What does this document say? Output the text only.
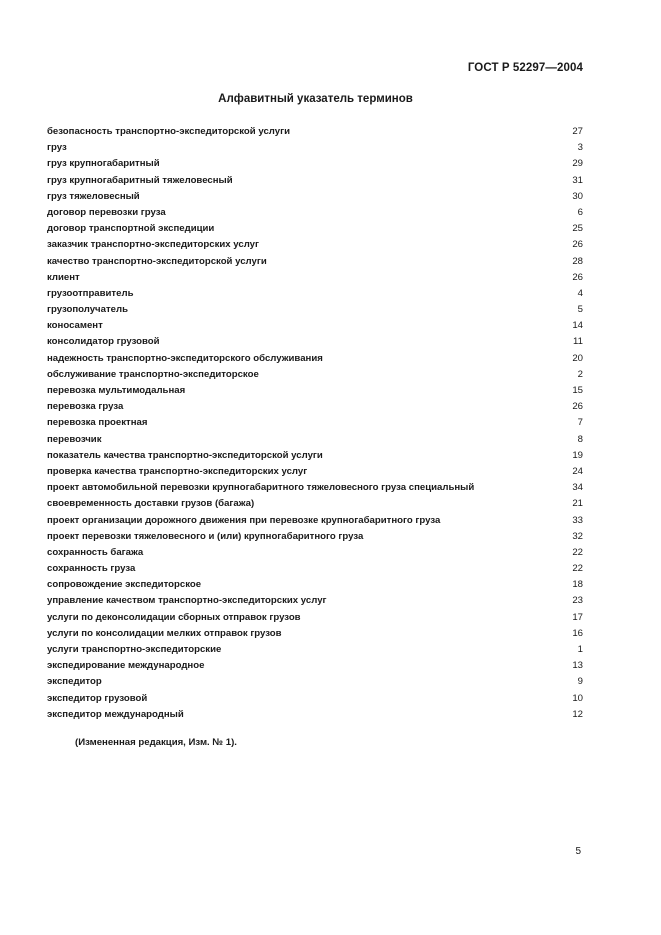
ГОСТ Р 52297—2004
Алфавитный указатель терминов
безопасность транспортно-экспедиторской услуги	27
груз	3
груз крупногабаритный	29
груз крупногабаритный тяжеловесный	31
груз тяжеловесный	30
договор перевозки груза	6
договор транспортной экспедиции	25
заказчик транспортно-экспедиторских услуг	26
качество транспортно-экспедиторской услуги	28
клиент	26
грузоотправитель	4
грузополучатель	5
коносамент	14
консолидатор грузовой	11
надежность транспортно-экспедиторского обслуживания	20
обслуживание транспортно-экспедиторское	2
перевозка мультимодальная	15
перевозка груза	26
перевозка проектная	7
перевозчик	8
показатель качества транспортно-экспедиторской услуги	19
проверка качества транспортно-экспедиторских услуг	24
проект автомобильной перевозки крупногабаритного тяжеловесного груза специальный	34
своевременность доставки грузов (багажа)	21
проект организации дорожного движения при перевозке крупногабаритного груза	33
проект перевозки тяжеловесного и (или) крупногабаритного груза	32
сохранность багажа	22
сохранность груза	22
сопровождение экспедиторское	18
управление качеством транспортно-экспедиторских услуг	23
услуги по деконсолидации сборных отправок грузов	17
услуги по консолидации мелких отправок грузов	16
услуги транспортно-экспедиторские	1
экспедирование международное	13
экспедитор	9
экспедитор грузовой	10
экспедитор международный	12
(Измененная редакция, Изм. № 1).
5
